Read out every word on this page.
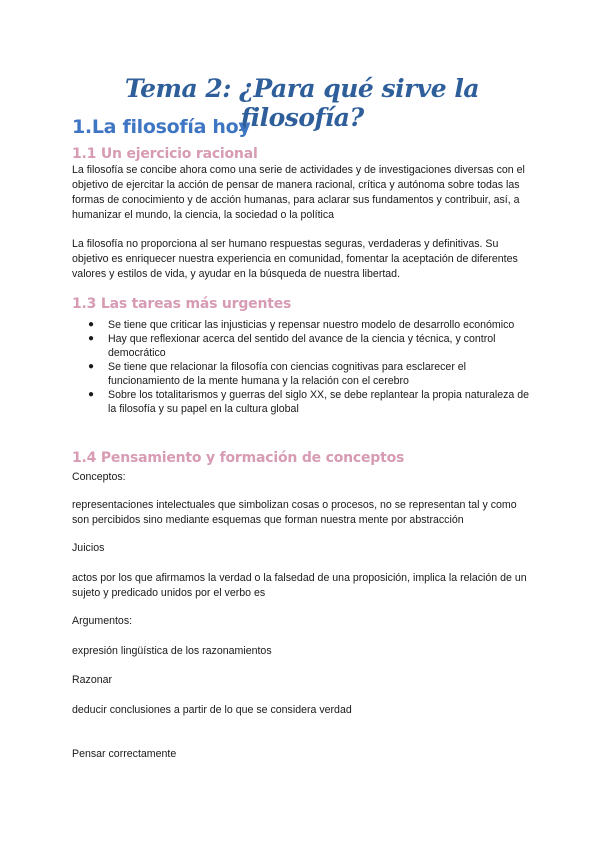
Tema 2: ¿Para qué sirve la filosofía?
1.La filosofía hoy
1.1 Un ejercicio racional

La filosofía se concibe ahora como una serie de actividades y de investigaciones diversas con el objetivo de ejercitar la acción de pensar de manera racional, crítica y autónoma sobre todas las formas de conocimiento y de acción humanas, para aclarar sus fundamentos y contribuir, así, a humanizar el mundo, la ciencia, la sociedad o la política

La filosofía no proporciona al ser humano respuestas seguras, verdaderas y definitivas. Su objetivo es enriquecer nuestra experiencia en comunidad, fomentar la aceptación de diferentes valores y estilos de vida, y ayudar en la búsqueda de nuestra libertad.

1.3 Las tareas más urgentes
● Se tiene que criticar las injusticias y repensar nuestro modelo de desarrollo económico
● Hay que reflexionar acerca del sentido del avance de la ciencia y técnica, y control democrático
● Se tiene que relacionar la filosofía con ciencias cognitivas para esclarecer el funcionamiento de la mente humana y la relación con el cerebro
● Sobre los totalitarismos y guerras del siglo XX, se debe replantear la propia naturaleza de la filosofía y su papel en la cultura global
1.4 Pensamiento y formación de conceptos

Conceptos:

representaciones intelectuales que simbolizan cosas o procesos, no se representan tal y como son percibidos sino mediante esquemas que forman nuestra mente por abstracción

Juicios

actos por los que afirmamos la verdad o la falsedad de una proposición, implica la relación de un sujeto y predicado unidos por el verbo es

Argumentos:

expresión lingüística de los razonamientos

Razonar

deducir conclusiones a partir de lo que se considera verdad

Pensar correctamente
